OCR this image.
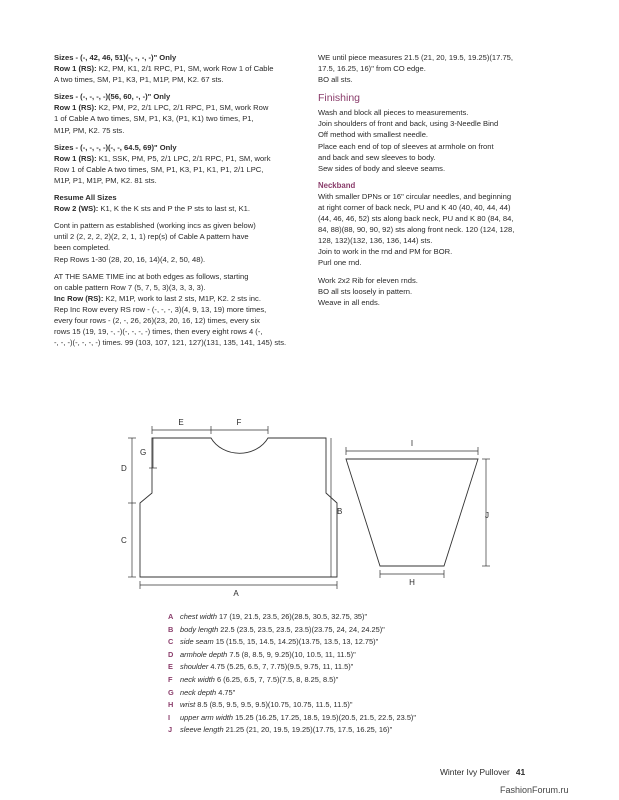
Sizes - (-, 42, 46, 51)(-, -, -, -)" Only
Row 1 (RS): K2, PM, K1, 2/1 RPC, P1, SM, work Row 1 of Cable
A two times, SM, P1, K3, P1, M1P, PM, K2. 67 sts.
Sizes - (-, -, -, -)(56, 60, -, -)" Only
Row 1 (RS): K2, PM, P2, 2/1 LPC, 2/1 RPC, P1, SM, work Row
1 of Cable A two times, SM, P1, K3, (P1, K1) two times, P1,
M1P, PM, K2. 75 sts.
Sizes - (-, -, -, -)(-, -, 64.5, 69)" Only
Row 1 (RS): K1, SSK, PM, P5, 2/1 LPC, 2/1 RPC, P1, SM, work
Row 1 of Cable A two times, SM, P1, K3, P1, K1, P1, 2/1 LPC,
M1P, P1, M1P, PM, K2. 81 sts.
Resume All Sizes
Row 2 (WS): K1, K the K sts and P the P sts to last st, K1.
Cont in pattern as established (working incs as given below)
until 2 (2, 2, 2, 2)(2, 2, 1, 1) rep(s) of Cable A pattern have
been completed.
Rep Rows 1-30 (28, 20, 16, 14)(4, 2, 50, 48).
AT THE SAME TIME inc at both edges as follows, starting
on cable pattern Row 7 (5, 7, 5, 3)(3, 3, 3, 3).
Inc Row (RS): K2, M1P, work to last 2 sts, M1P, K2. 2 sts inc.
Rep Inc Row every RS row - (-, -, -, 3)(4, 9, 13, 19) more times,
every four rows - (2, -, 26, 26)(23, 20, 16, 12) times, every six
rows 15 (19, 19, -, -)(-, -, -, -) times, then every eight rows 4 (-,
-, -, -)(-, -, -, -) times. 99 (103, 107, 121, 127)(131, 135, 141, 145) sts.
WE until piece measures 21.5 (21, 20, 19.5, 19.25)(17.75,
17.5, 16.25, 16)" from CO edge.
BO all sts.
Finishing
Wash and block all pieces to measurements.
Join shoulders of front and back, using 3-Needle Bind
Off method with smallest needle.
Place each end of top of sleeves at armhole on front
and back and sew sleeves to body.
Sew sides of body and sleeve seams.
Neckband
With smaller DPNs or 16" circular needles, and beginning
at right corner of back neck, PU and K 40 (40, 40, 44, 44)
(44, 46, 46, 52) sts along back neck, PU and K 80 (84, 84,
84, 88)(88, 90, 90, 92) sts along front neck. 120 (124, 128,
128, 132)(132, 136, 136, 144) sts.
Join to work in the rnd and PM for BOR.
Purl one rnd.
Work 2x2 Rib for eleven rnds.
BO all sts loosely in pattern.
Weave in all ends.
A
B
C
D
E	F
G
H
I
J
A chest width 17 (19, 21.5, 23.5, 26)(28.5, 30.5, 32.75, 35)"
B body length 22.5 (23.5, 23.5, 23.5, 23.5)(23.75, 24, 24, 24.25)"
C side seam 15 (15.5, 15, 14.5, 14.25)(13.75, 13.5, 13, 12.75)"
D armhole depth 7.5 (8, 8.5, 9, 9.25)(10, 10.5, 11, 11.5)"
E shoulder 4.75 (5.25, 6.5, 7, 7.75)(9.5, 9.75, 11, 11.5)"
F neck width 6 (6.25, 6.5, 7, 7.5)(7.5, 8, 8.25, 8.5)"
G neck depth 4.75"
H wrist 8.5 (8.5, 9.5, 9.5, 9.5)(10.75, 10.75, 11.5, 11.5)"
I upper arm width 15.25 (16.25, 17.25, 18.5, 19.5)(20.5, 21.5, 22.5, 23.5)"
J sleeve length 21.25 (21, 20, 19.5, 19.25)(17.75, 17.5, 16.25, 16)"
Winter Ivy Pullover 41
FashionForum.ru
